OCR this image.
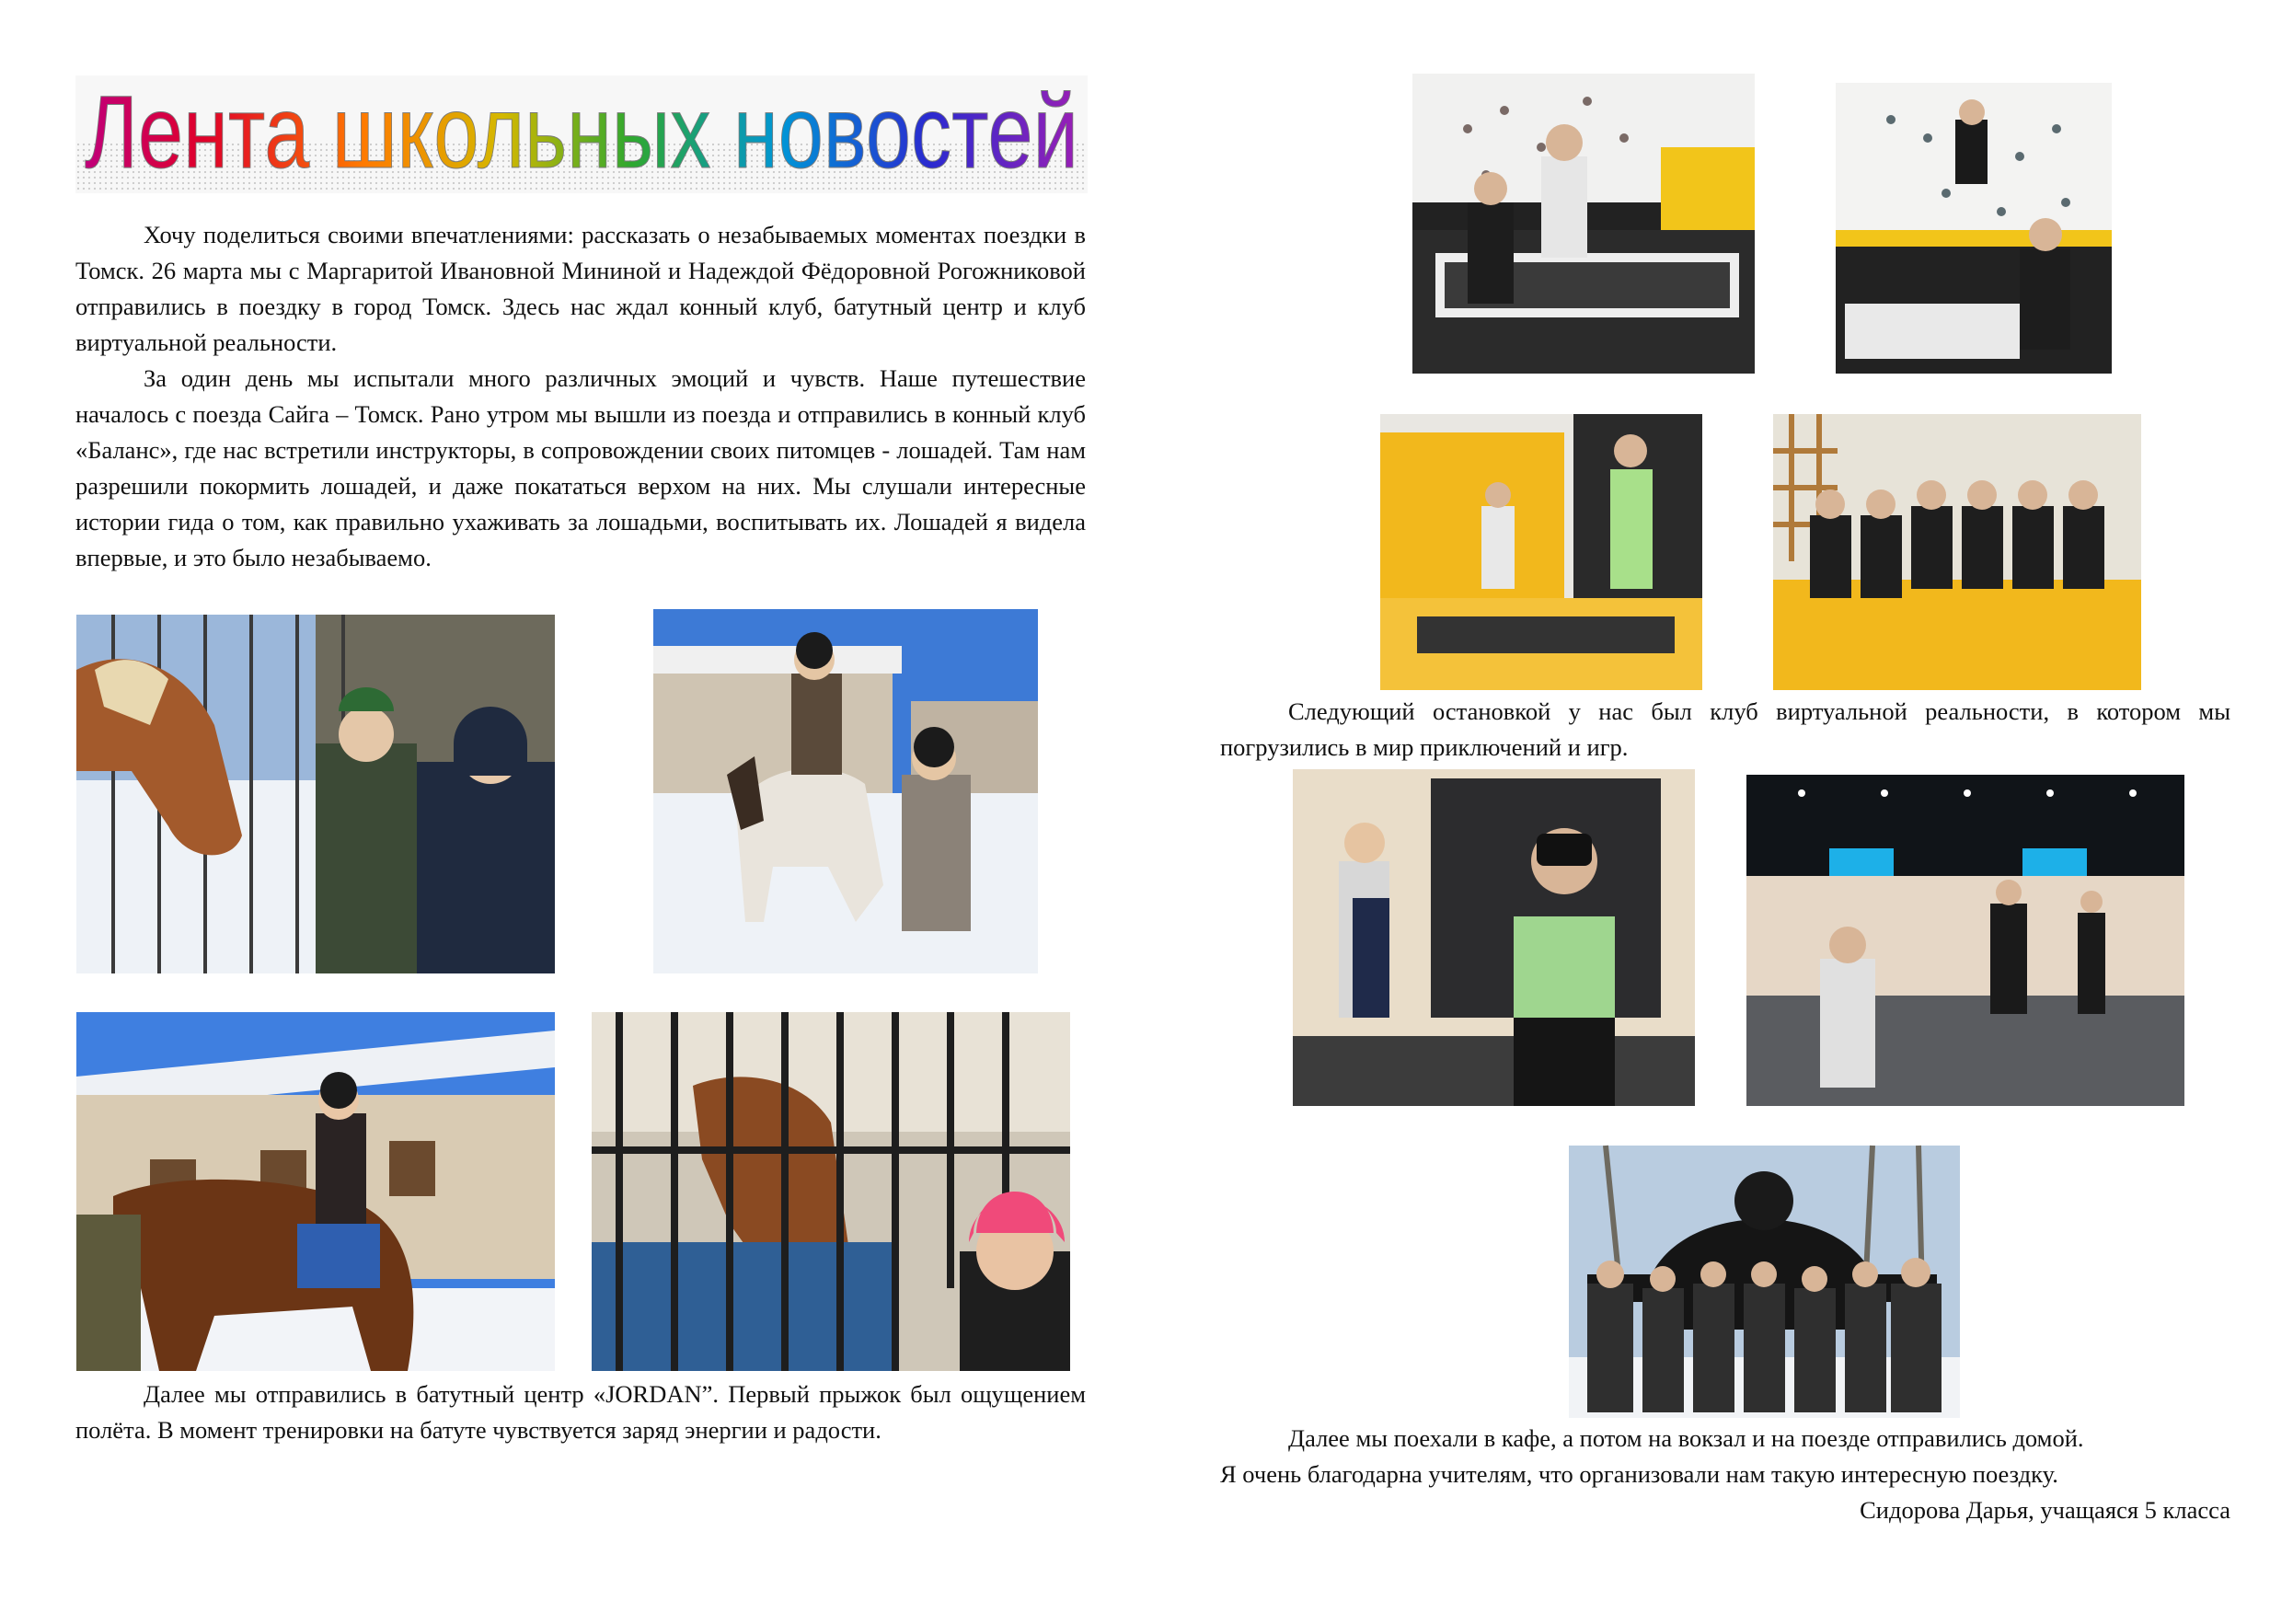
Лента школьных новостей

Хочу поделиться своими впечатлениями: рассказать о незабываемых моментах поездки в Томск. 26 марта мы с Маргаритой Ивановной Мининой и Надеждой Фёдоровной Рогожниковой отправились в поездку в город Томск. Здесь нас ждал конный клуб, батутный центр и клуб виртуальной реальности.

За один день мы испытали много различных эмоций и чувств. Наше путешествие началось с поезда Сайга – Томск. Рано утром мы вышли из поезда и отправились в конный клуб «Баланс», где нас встретили инструкторы, в сопровождении своих питомцев - лошадей. Там нам разрешили покормить лошадей, и даже покататься верхом на них. Мы слушали интересные истории гида о том, как правильно ухаживать за лошадьми, воспитывать их. Лошадей я видела впервые, и это было незабываемо.

Далее мы отправились в батутный центр «JORDAN”. Первый прыжок был ощущением полёта. В момент тренировки на батуте чувствуется заряд энергии и радости.

Следующий остановкой у нас был клуб виртуальной реальности, в котором мы погрузились в мир приключений и игр.

Далее мы поехали в кафе, а потом на вокзал и на поезде отправились домой.

Я очень благодарна учителям, что организовали нам такую интересную поездку.

Сидорова Дарья, учащаяся 5 класса
